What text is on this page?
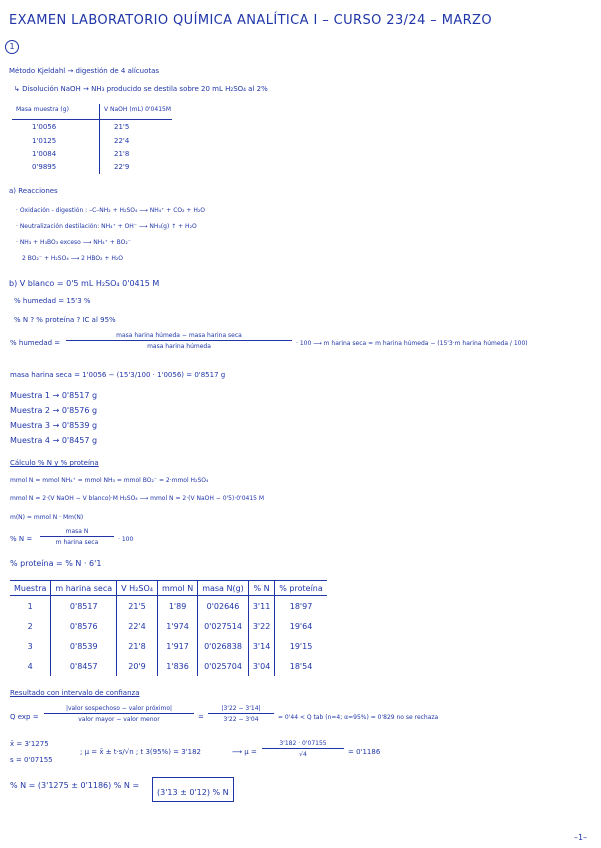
EXAMEN LABORATORIO QUÍMICA ANALÍTICA I – CURSO 23/24 – MARZO
1
Método Kjeldahl → digestión de 4 alícuotas
↳ Disolución NaOH → NH₃ producido se destila sobre 20 mL H₂SO₄ al 2%
Masa muestra (g)	V NaOH (mL) 0'0415M
1'0056	21'5
1'0125	22'4
1'0084	21'8
0'9895	22'9
a) Reacciones
· Oxidación - digestión : –C–NH₂ + H₂SO₄ ⟶ NH₄⁺ + CO₂ + H₂O
· Neutralización destilación: NH₄⁺ + OH⁻ ⟶ NH₃(g) ↑ + H₂O
· NH₃ + H₃BO₃ exceso ⟶ NH₄⁺ + BO₂⁻
2 BO₂⁻ + H₂SO₄ ⟶ 2 HBO₂ + H₂O
b) V blanco = 0'5 mL H₂SO₄ 0'0415 M
% humedad = 15'3 %
% N ? % proteína ? IC al 95%
% humedad =
masa harina húmeda − masa harina seca
masa harina húmeda	· 100 ⟶ m harina seca = m harina húmeda − (15'3·m harina húmeda / 100)
masa harina seca = 1'0056 − (15'3/100 · 1'0056) = 0'8517 g
Muestra 1 → 0'8517 g
Muestra 2 → 0'8576 g
Muestra 3 → 0'8539 g
Muestra 4 → 0'8457 g
Cálculo % N y % proteína
mmol N = mmol NH₄⁺ = mmol NH₃ = mmol BO₂⁻ = 2·mmol H₂SO₄
mmol N = 2·(V NaOH − V blanco)·M H₂SO₄ ⟶ mmol N = 2·(V NaOH − 0'5)·0'0415 M
m(N) = mmol N · Mm(N)
% N =
masa N
m harina seca	· 100
% proteína = % N · 6'1
Muestra	m harina seca	V H₂SO₄	mmol N	masa N(g)	% N	% proteína
1	0'8517	21'5	1'89	0'02646	3'11	18'97
2	0'8576	22'4	1'974	0'027514	3'22	19'64
3	0'8539	21'8	1'917	0'026838	3'14	19'15
4	0'8457	20'9	1'836	0'025704	3'04	18'54
Resultado con intervalo de confianza
Q exp =
|valor sospechoso − valor próximo|
valor mayor − valor menor	= $\frac{|3'22 - 3'14|}{3'22 - 3'04} = 0'44 < Q$ tab (n=4; α=95%) = 0'829 no se rechaza
x̄ = 3'1275
s = 0'07155
; μ = x̄ ± t·s/√n ; t 3(95%) = 3'182	⟶ $\mu = \frac{3'182 \cdot 0'07155}{√4} = 0'1186$
% N = (3'1275 ± 0'1186) % N =
(3'13 ± 0'12) % N
–1–
